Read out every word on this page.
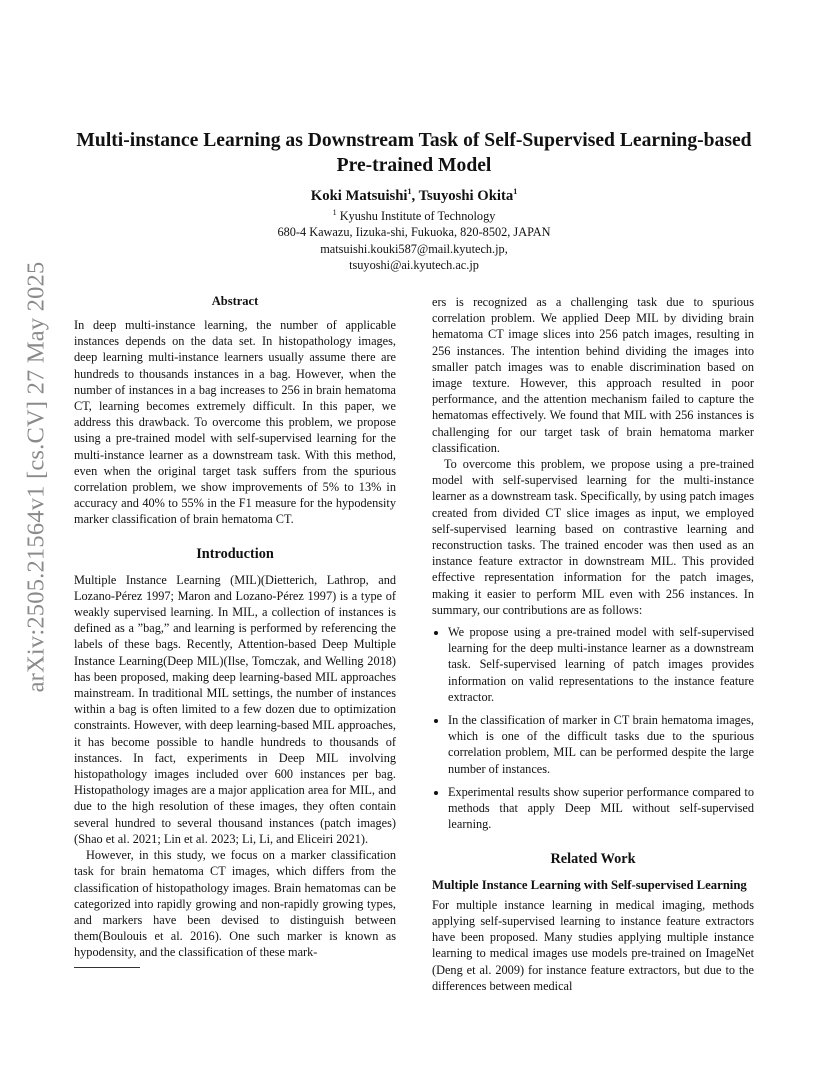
arXiv:2505.21564v1 [cs.CV] 27 May 2025
Multi-instance Learning as Downstream Task of Self-Supervised Learning-based Pre-trained Model
Koki Matsuishi$^1$, Tsuyoshi Okita$^1$
$^1$ Kyushu Institute of Technology
680-4 Kawazu, Iizuka-shi, Fukuoka, 820-8502, JAPAN
matsuishi.kouki587@mail.kyutech.jp,
tsuyoshi@ai.kyutech.ac.jp
Abstract

In deep multi-instance learning, the number of applicable instances depends on the data set. In histopathology images, deep learning multi-instance learners usually assume there are hundreds to thousands instances in a bag. However, when the number of instances in a bag increases to 256 in brain hematoma CT, learning becomes extremely difficult. In this paper, we address this drawback. To overcome this problem, we propose using a pre-trained model with self-supervised learning for the multi-instance learner as a downstream task. With this method, even when the original target task suffers from the spurious correlation problem, we show improvements of 5% to 13% in accuracy and 40% to 55% in the F1 measure for the hypodensity marker classification of brain hematoma CT.

Introduction

Multiple Instance Learning (MIL)(Dietterich, Lathrop, and Lozano-Pérez 1997; Maron and Lozano-Pérez 1997) is a type of weakly supervised learning. In MIL, a collection of instances is defined as a ”bag,” and learning is performed by referencing the labels of these bags. Recently, Attention-based Deep Multiple Instance Learning(Deep MIL)(Ilse, Tomczak, and Welling 2018) has been proposed, making deep learning-based MIL approaches mainstream. In traditional MIL settings, the number of instances within a bag is often limited to a few dozen due to optimization constraints. However, with deep learning-based MIL approaches, it has become possible to handle hundreds to thousands of instances. In fact, experiments in Deep MIL involving histopathology images included over 600 instances per bag. Histopathology images are a major application area for MIL, and due to the high resolution of these images, they often contain several hundred to several thousand instances (patch images)(Shao et al. 2021; Lin et al. 2023; Li, Li, and Eliceiri 2021).

However, in this study, we focus on a marker classification task for brain hematoma CT images, which differs from the classification of histopathology images. Brain hematomas can be categorized into rapidly growing and non-rapidly growing types, and markers have been devised to distinguish between them(Boulouis et al. 2016). One such marker is known as hypodensity, and the classification of these mark-

ers is recognized as a challenging task due to spurious correlation problem. We applied Deep MIL by dividing brain hematoma CT image slices into 256 patch images, resulting in 256 instances. The intention behind dividing the images into smaller patch images was to enable discrimination based on image texture. However, this approach resulted in poor performance, and the attention mechanism failed to capture the hematomas effectively. We found that MIL with 256 instances is challenging for our target task of brain hematoma marker classification.

To overcome this problem, we propose using a pre-trained model with self-supervised learning for the multi-instance learner as a downstream task. Specifically, by using patch images created from divided CT slice images as input, we employed self-supervised learning based on contrastive learning and reconstruction tasks. The trained encoder was then used as an instance feature extractor in downstream MIL. This provided effective representation information for the patch images, making it easier to perform MIL even with 256 instances. In summary, our contributions are as follows:

• We propose using a pre-trained model with self-supervised learning for the deep multi-instance learner as a downstream task. Self-supervised learning of patch images provides information on valid representations to the instance feature extractor.
• In the classification of marker in CT brain hematoma images, which is one of the difficult tasks due to the spurious correlation problem, MIL can be performed despite the large number of instances.
• Experimental results show superior performance compared to methods that apply Deep MIL without self-supervised learning.
Related Work
Multiple Instance Learning with Self-supervised Learning

For multiple instance learning in medical imaging, methods applying self-supervised learning to instance feature extractors have been proposed. Many studies applying multiple instance learning to medical images use models pre-trained on ImageNet (Deng et al. 2009) for instance feature extractors, but due to the differences between medical
